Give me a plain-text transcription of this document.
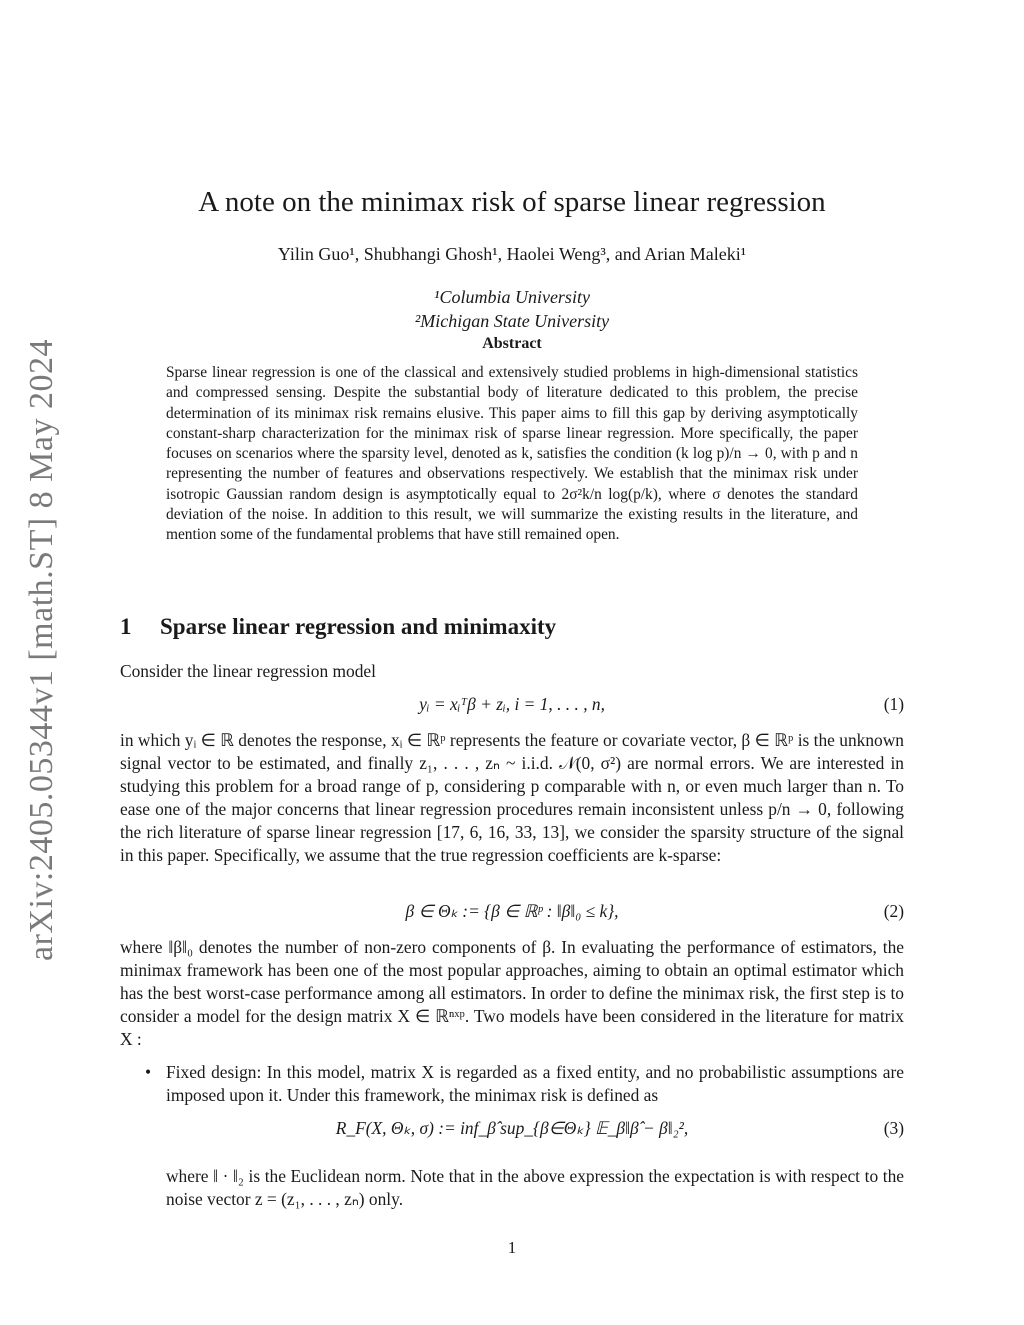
arXiv:2405.05344v1 [math.ST] 8 May 2024
A note on the minimax risk of sparse linear regression
Yilin Guo¹, Shubhangi Ghosh¹, Haolei Weng³, and Arian Maleki¹
¹Columbia University
²Michigan State University
Abstract

Sparse linear regression is one of the classical and extensively studied problems in high-dimensional statistics and compressed sensing. Despite the substantial body of literature dedicated to this problem, the precise determination of its minimax risk remains elusive. This paper aims to fill this gap by deriving asymptotically constant-sharp characterization for the minimax risk of sparse linear regression. More specifically, the paper focuses on scenarios where the sparsity level, denoted as k, satisfies the condition (k log p)/n → 0, with p and n representing the number of features and observations respectively. We establish that the minimax risk under isotropic Gaussian random design is asymptotically equal to 2σ²k/n log(p/k), where σ denotes the standard deviation of the noise. In addition to this result, we will summarize the existing results in the literature, and mention some of the fundamental problems that have still remained open.

1 Sparse linear regression and minimaxity

Consider the linear regression model

yᵢ = xᵢᵀβ + zᵢ, i = 1, . . . , n,	(1)

in which yᵢ ∈ ℝ denotes the response, xᵢ ∈ ℝᵖ represents the feature or covariate vector, β ∈ ℝᵖ is the unknown signal vector to be estimated, and finally z₁, . . . , zₙ ~ i.i.d. 𝒩(0, σ²) are normal errors. We are interested in studying this problem for a broad range of p, considering p comparable with n, or even much larger than n. To ease one of the major concerns that linear regression procedures remain inconsistent unless p/n → 0, following the rich literature of sparse linear regression [17, 6, 16, 33, 13], we consider the sparsity structure of the signal in this paper. Specifically, we assume that the true regression coefficients are k-sparse:

β ∈ Θₖ := {β ∈ ℝᵖ : ‖β‖₀ ≤ k},	(2)

where ‖β‖₀ denotes the number of non-zero components of β. In evaluating the performance of estimators, the minimax framework has been one of the most popular approaches, aiming to obtain an optimal estimator which has the best worst-case performance among all estimators. In order to define the minimax risk, the first step is to consider a model for the design matrix X ∈ ℝⁿˣᵖ. Two models have been considered in the literature for matrix X :

• Fixed design: In this model, matrix X is regarded as a fixed entity, and no probabilistic assumptions are imposed upon it. Under this framework, the minimax risk is defined as

R_F(X, Θₖ, σ) := inf_β̂ sup_{β∈Θₖ} 𝔼_β‖β̂ − β‖₂²,	(3)

where ‖ · ‖₂ is the Euclidean norm. Note that in the above expression the expectation is with respect to the noise vector z = (z₁, . . . , zₙ) only.

1
